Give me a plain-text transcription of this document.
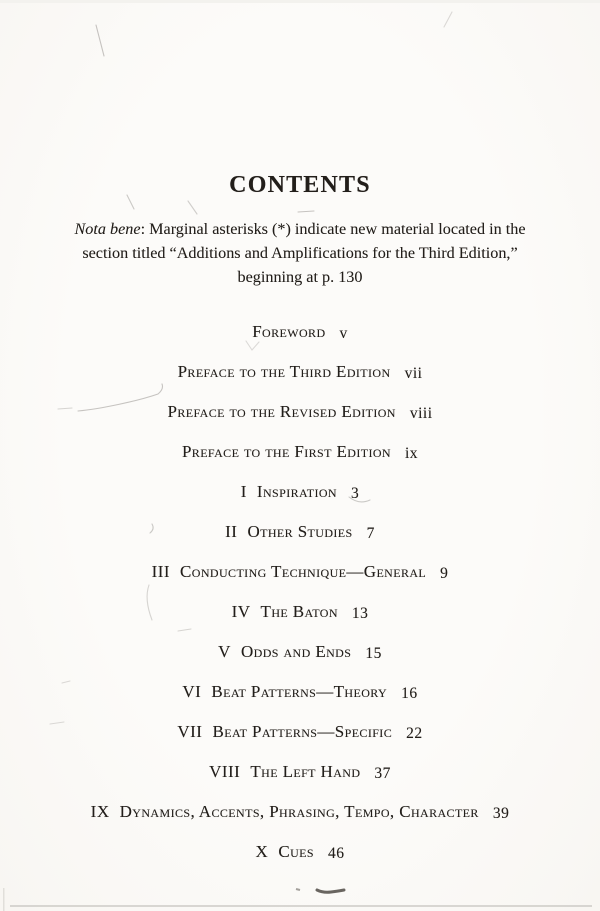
CONTENTS

Nota bene: Marginal asterisks (*) indicate new material located in the
section titled “Additions and Amplifications for the Third Edition,”
beginning at p. 130

Foreword v
Preface to the Third Edition vii
Preface to the Revised Edition viii
Preface to the First Edition ix
I Inspiration 3
II Other Studies 7
III Conducting Technique—General 9
IV The Baton 13
V Odds and Ends 15
VI Beat Patterns—Theory 16
VII Beat Patterns—Specific 22
VIII The Left Hand 37
IX Dynamics, Accents, Phrasing, Tempo, Character 39
X Cues 46
